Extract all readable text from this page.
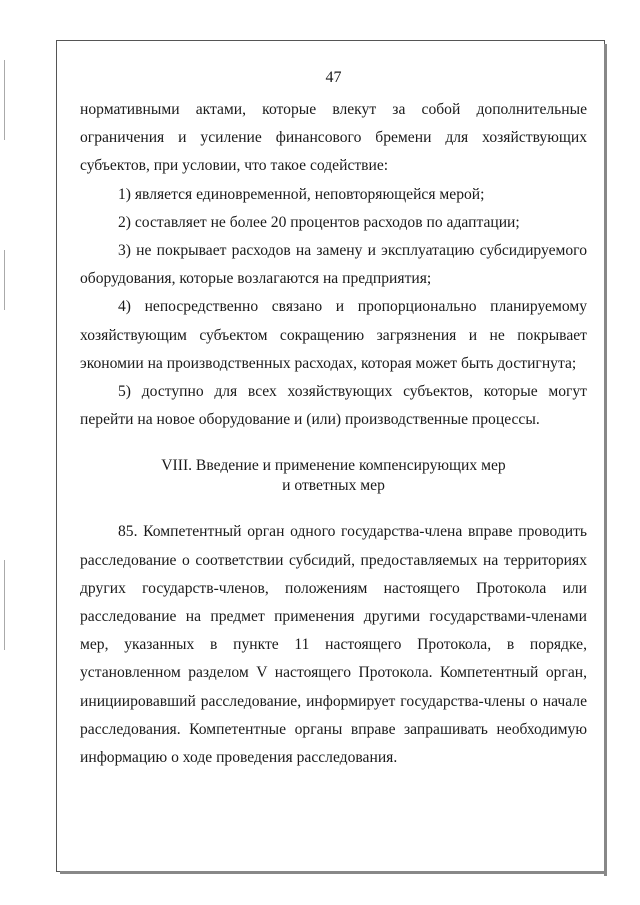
47

нормативными актами, которые влекут за собой дополнительные ограничения и усиление финансового бремени для хозяйствующих субъектов, при условии, что такое содействие:

1) является единовременной, неповторяющейся мерой;

2) составляет не более 20 процентов расходов по адаптации;

3) не покрывает расходов на замену и эксплуатацию субсидируемого оборудования, которые возлагаются на предприятия;

4) непосредственно связано и пропорционально планируемому хозяйствующим субъектом сокращению загрязнения и не покрывает экономии на производственных расходах, которая может быть достигнута;

5) доступно для всех хозяйствующих субъектов, которые могут перейти на новое оборудование и (или) производственные процессы.

VIII. Введение и применение компенсирующих мер
и ответных мер

85. Компетентный орган одного государства-члена вправе проводить расследование о соответствии субсидий, предоставляемых на территориях других государств-членов, положениям настоящего Протокола или расследование на предмет применения другими государствами-членами мер, указанных в пункте 11 настоящего Протокола, в порядке, установленном разделом V настоящего Протокола. Компетентный орган, инициировавший расследование, информирует государства-члены о начале расследования. Компетентные органы вправе запрашивать необходимую информацию о ходе проведения расследования.
